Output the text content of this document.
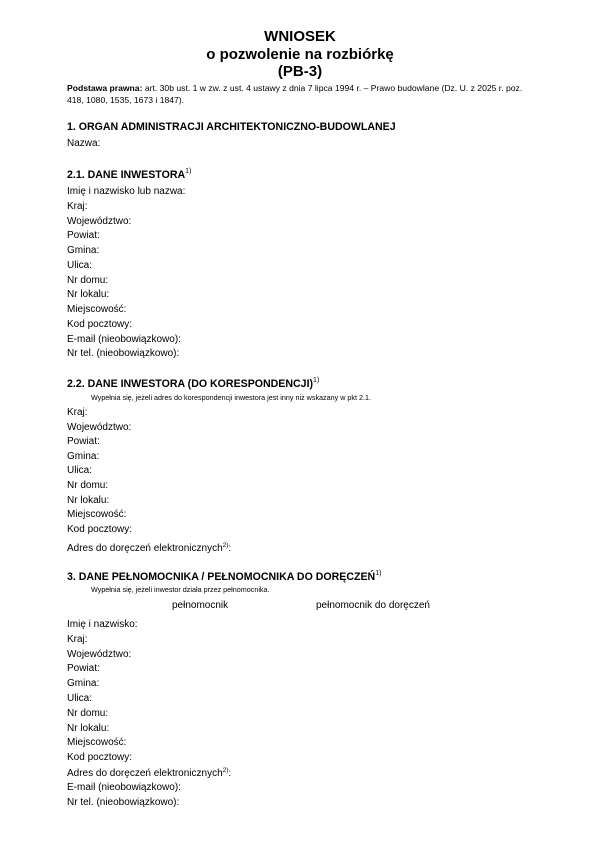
WNIOSEK
o pozwolenie na rozbiórkę
(PB-3)
Podstawa prawna: art. 30b ust. 1 w zw. z ust. 4 ustawy z dnia 7 lipca 1994 r. – Prawo budowlane (Dz. U. z 2025 r. poz. 418, 1080, 1535, 1673 i 1847).
1. ORGAN ADMINISTRACJI ARCHITEKTONICZNO-BUDOWLANEJ
Nazwa:
2.1. DANE INWESTORA$^{1)}$
Imię i nazwisko lub nazwa:
Kraj:
Województwo:
Powiat:
Gmina:
Ulica:
Nr domu:
Nr lokalu:
Miejscowość:
Kod pocztowy:
E-mail (nieobowiązkowo):
Nr tel. (nieobowiązkowo):
2.2. DANE INWESTORA (DO KORESPONDENCJI)$^{1)}$
Wypełnia się, jeżeli adres do korespondencji inwestora jest inny niż wskazany w pkt 2.1.
Kraj:
Województwo:
Powiat:
Gmina:
Ulica:
Nr domu:
Nr lokalu:
Miejscowość:
Kod pocztowy:
Adres do doręczeń elektronicznych$^{2)}$:
3. DANE PEŁNOMOCNIKA / PEŁNOMOCNIKA DO DORĘCZEŃ$^{1)}$
Wypełnia się, jeżeli inwestor działa przez pełnomocnika.
pełnomocnik	pełnomocnik do doręczeń
Imię i nazwisko:
Kraj:
Województwo:
Powiat:
Gmina:
Ulica:
Nr domu:
Nr lokalu:
Miejscowość:
Kod pocztowy:
Adres do doręczeń elektronicznych$^{2)}$:
E-mail (nieobowiązkowo):
Nr tel. (nieobowiązkowo):
